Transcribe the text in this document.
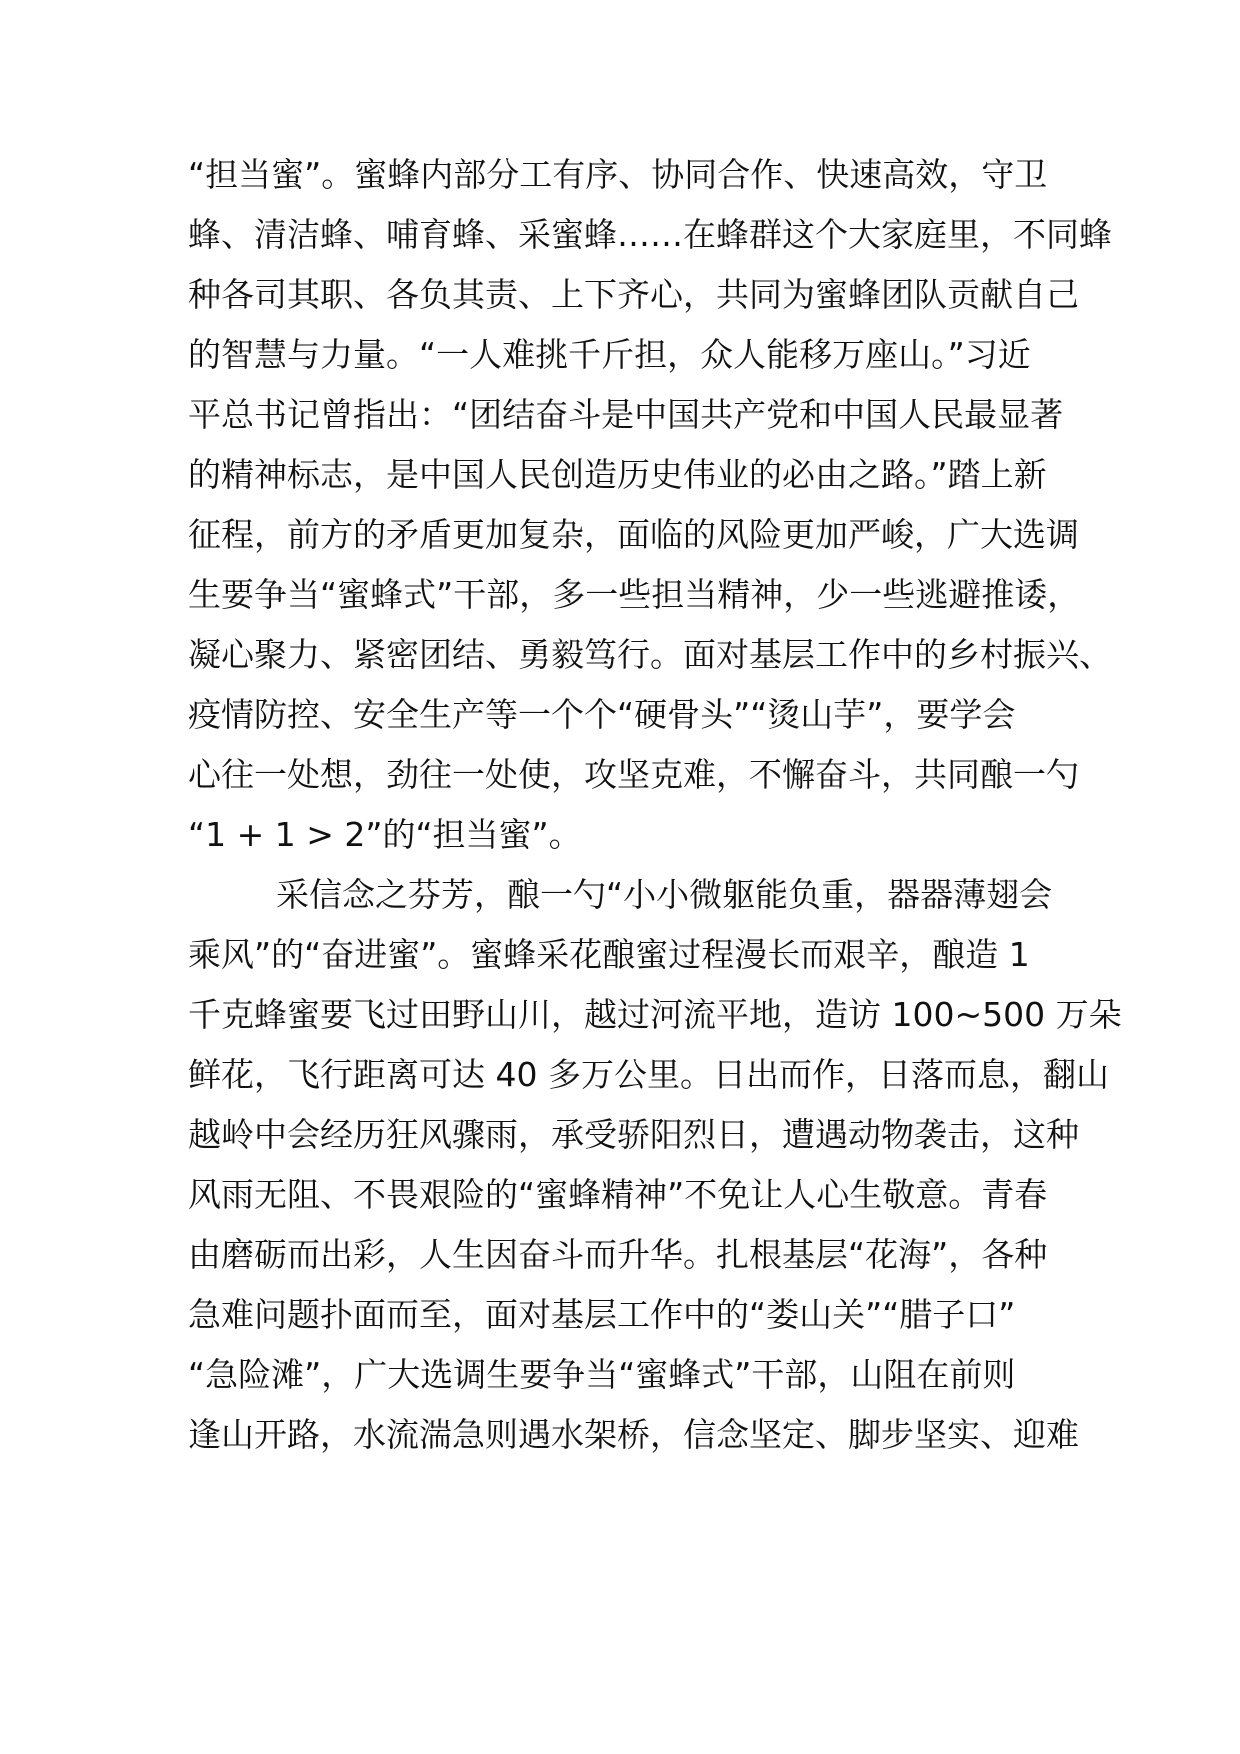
“担当蜜”。蜜蜂内部分工有序、协同合作、快速高效，守卫
蜂、清洁蜂、哺育蜂、采蜜蜂……在蜂群这个大家庭里，不同蜂
种各司其职、各负其责、上下齐心，共同为蜜蜂团队贡献自己
的智慧与力量。“一人难挑千斤担，众人能移万座山。”习近
平总书记曾指出：“团结奋斗是中国共产党和中国人民最显著
的精神标志，是中国人民创造历史伟业的必由之路。”踏上新
征程，前方的矛盾更加复杂，面临的风险更加严峻，广大选调
生要争当“蜜蜂式”干部，多一些担当精神，少一些逃避推诿，
凝心聚力、紧密团结、勇毅笃行。面对基层工作中的乡村振兴、
疫情防控、安全生产等一个个“硬骨头”“烫山芋”，要学会
心往一处想，劲往一处使，攻坚克难，不懈奋斗，共同酿一勺
“1 + 1 > 2”的“担当蜜”。
采信念之芬芳，酿一勺“小小微躯能负重，器器薄翅会
乘风”的“奋进蜜”。蜜蜂采花酿蜜过程漫长而艰辛，酿造 1
千克蜂蜜要飞过田野山川，越过河流平地，造访 100~500 万朵
鲜花，飞行距离可达 40 多万公里。日出而作，日落而息，翻山
越岭中会经历狂风骤雨，承受骄阳烈日，遭遇动物袭击，这种
风雨无阻、不畏艰险的“蜜蜂精神”不免让人心生敬意。青春
由磨砺而出彩，人生因奋斗而升华。扎根基层“花海”，各种
急难问题扑面而至，面对基层工作中的“娄山关”“腊子口”
“急险滩”，广大选调生要争当“蜜蜂式”干部，山阻在前则
逢山开路，水流湍急则遇水架桥，信念坚定、脚步坚实、迎难
